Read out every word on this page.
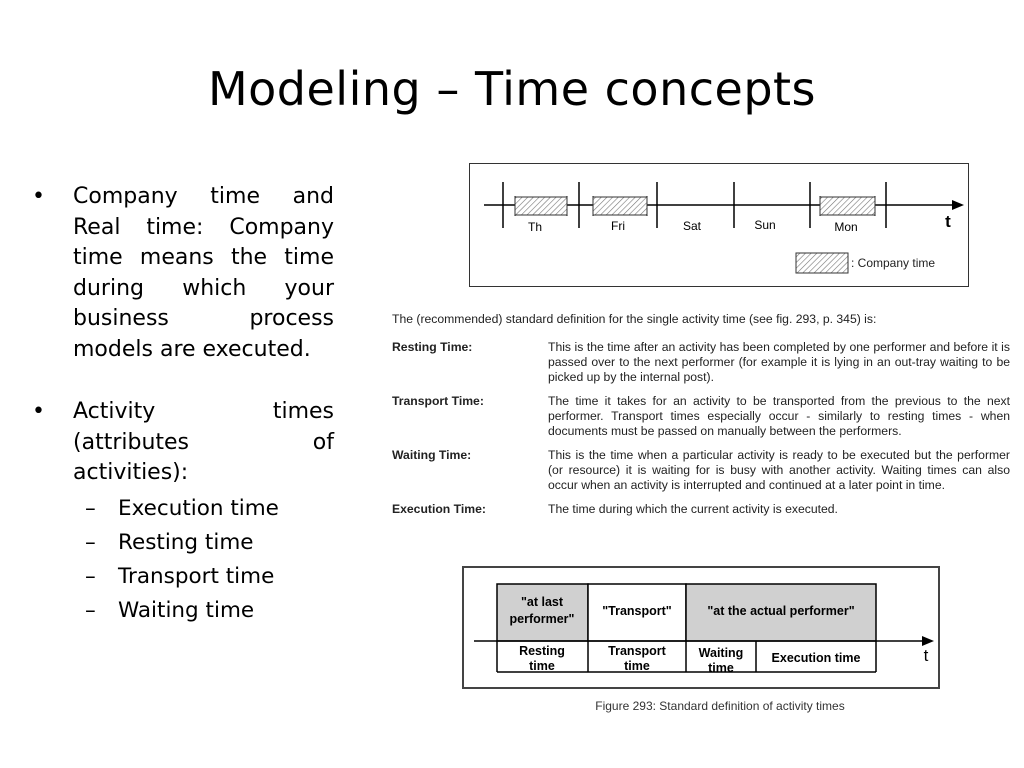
Modeling – Time concepts
• Company time and Real time: Company time means the time during which your business process models are executed.
• Activity times (attributes of activities):
– Execution time
– Resting time
– Transport time
– Waiting time
Th	Fri	Sat	Sun	Mon	t
: Company time
The (recommended) standard definition for the single activity time (see fig. 293, p. 345) is:
Resting Time:	This is the time after an activity has been completed by one performer and before it is passed over to the next performer (for example it is lying in an out-tray waiting to be picked up by the internal post).
Transport Time:	The time it takes for an activity to be transported from the previous to the next performer. Transport times especially occur - similarly to resting times - when documents must be passed on manually between the performers.
Waiting Time:	This is the time when a particular activity is ready to be executed but the performer (or resource) it is waiting for is busy with another activity. Waiting times can also occur when an activity is interrupted and continued at a later point in time.
Execution Time:	The time during which the current activity is executed.
"at last
performer"
"Transport"	"at the actual performer"
Resting
time
Transport
time
Waiting
time
Execution time	t
Figure 293: Standard definition of activity times
